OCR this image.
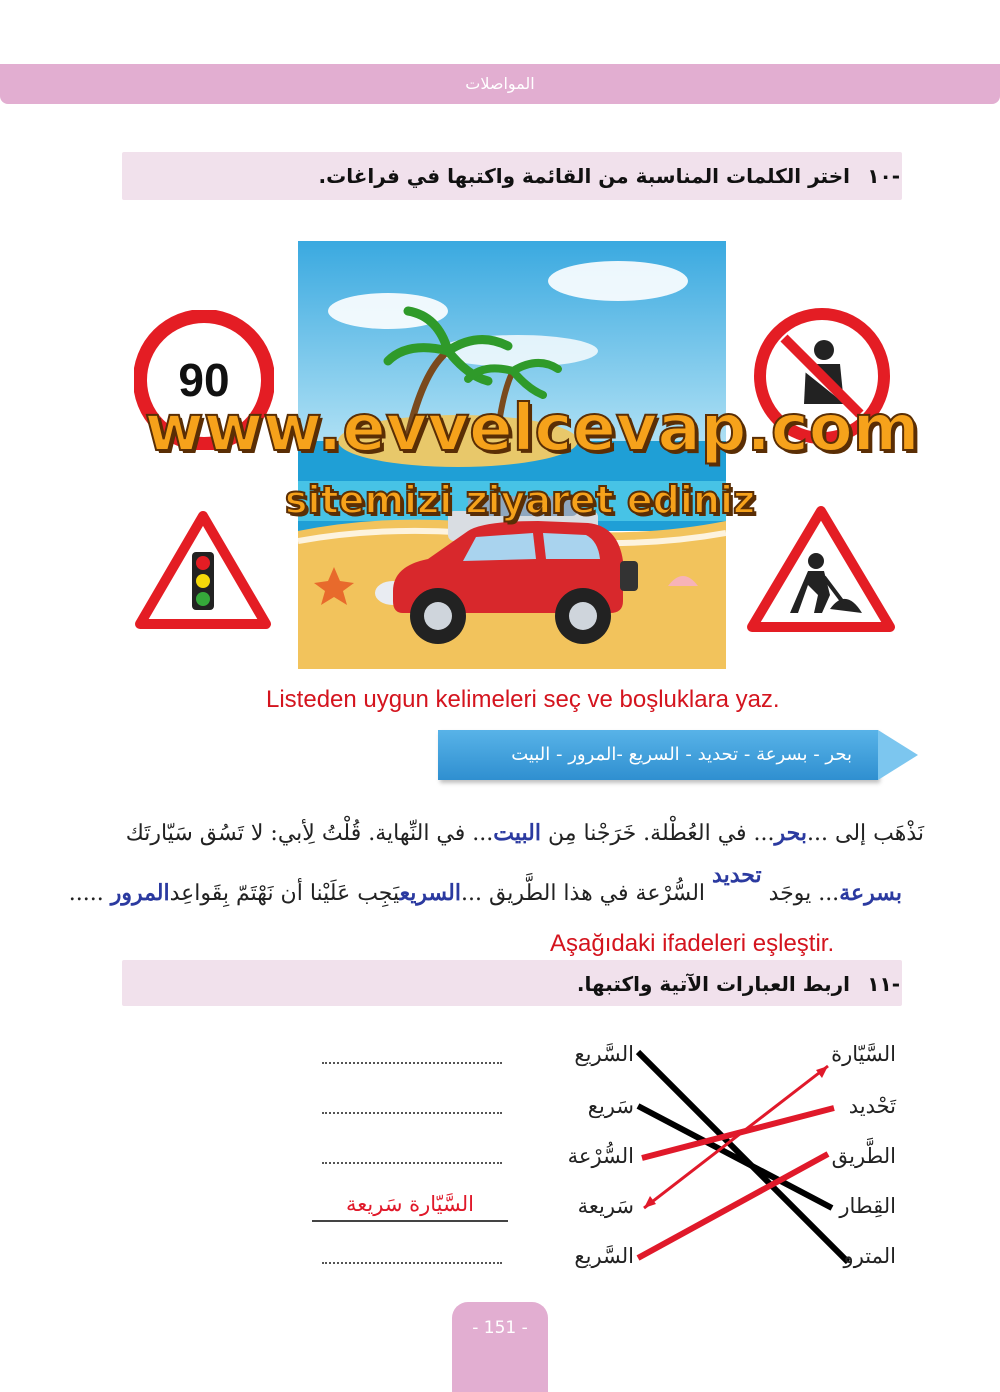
المواصلات
-١٠
اختر الكلمات المناسبة من القائمة واكتبها في فراغات.
90
www.evvelcevap.com
sitemizi ziyaret ediniz
Listeden uygun kelimeleri seç ve boşluklara yaz.
بحر - بسرعة - تحديد - السريع -المرور - البيت
نَذْهَب إلى ...بحر... في العُطْلة. خَرَجْنا مِن البيت... في النِّهاية. قُلْتُ لِأبي: لا تَسُق سَيّارتَك
بسرعة... يوجَد تحديد السُّرْعة في هذا الطَّريق ...السريعيَجِب عَلَيْنا أن نَهْتَمّ بِقَواعِدالمرور .....
Aşağıdaki ifadeleri eşleştir.
-١١
اربط العبارات الآتية واكتبها.
السَّيّارة
تَحْديد
الطَّريق
القِطار
المترو
السَّريع
سَريع
السُّرْعة
سَريعة
السَّريع
السَّيّارة سَريعة
- 151 -
